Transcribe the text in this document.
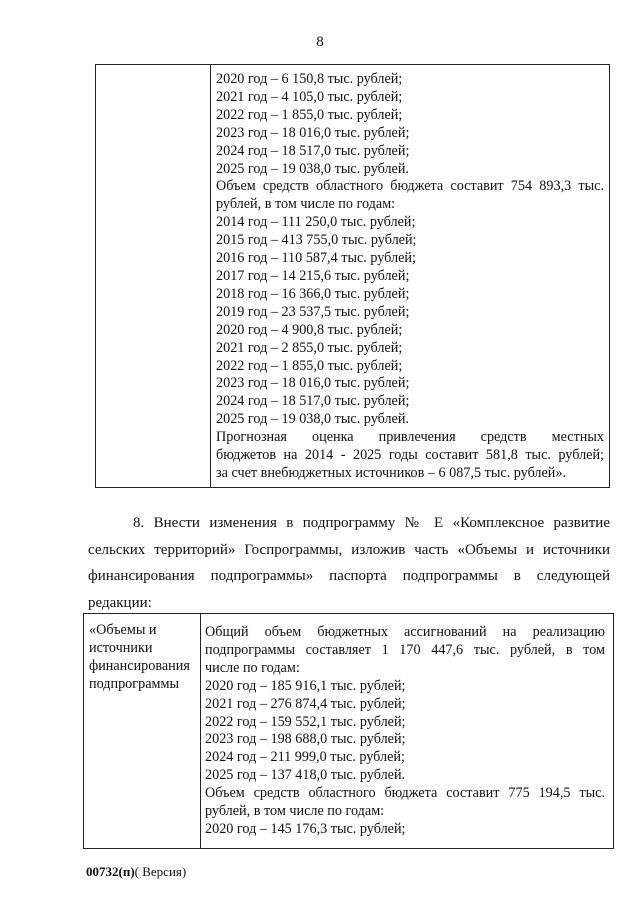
8
2020 год – 6 150,8 тыс. рублей;
2021 год – 4 105,0 тыс. рублей;
2022 год – 1 855,0 тыс. рублей;
2023 год – 18 016,0 тыс. рублей;
2024 год – 18 517,0 тыс. рублей;
2025 год – 19 038,0 тыс. рублей.
Объем средств областного бюджета составит 754 893,3 тыс.
рублей, в том числе по годам:
2014 год – 111 250,0 тыс. рублей;
2015 год – 413 755,0 тыс. рублей;
2016 год – 110 587,4 тыс. рублей;
2017 год – 14 215,6 тыс. рублей;
2018 год – 16 366,0 тыс. рублей;
2019 год – 23 537,5 тыс. рублей;
2020 год – 4 900,8 тыс. рублей;
2021 год – 2 855,0 тыс. рублей;
2022 год – 1 855,0 тыс. рублей;
2023 год – 18 016,0 тыс. рублей;
2024 год – 18 517,0 тыс. рублей;
2025 год – 19 038,0 тыс. рублей.
Прогнозная оценка привлечения средств местных
бюджетов на 2014 - 2025 годы составит 581,8 тыс. рублей;
за счет внебюджетных источников – 6 087,5 тыс. рублей».
8. Внести изменения в подпрограмму № Е «Комплексное развитие
сельских территорий» Госпрограммы, изложив часть «Объемы и источники
финансирования подпрограммы» паспорта подпрограммы в следующей
редакции:
«Объемы и
источники
финансирования
подпрограммы
Общий объем бюджетных ассигнований на реализацию
подпрограммы составляет 1 170 447,6 тыс. рублей, в том
числе по годам:
2020 год – 185 916,1 тыс. рублей;
2021 год – 276 874,4 тыс. рублей;
2022 год – 159 552,1 тыс. рублей;
2023 год – 198 688,0 тыс. рублей;
2024 год – 211 999,0 тыс. рублей;
2025 год – 137 418,0 тыс. рублей.
Объем средств областного бюджета составит 775 194,5 тыс.
рублей, в том числе по годам:
2020 год – 145 176,3 тыс. рублей;
00732(п)( Версия)
